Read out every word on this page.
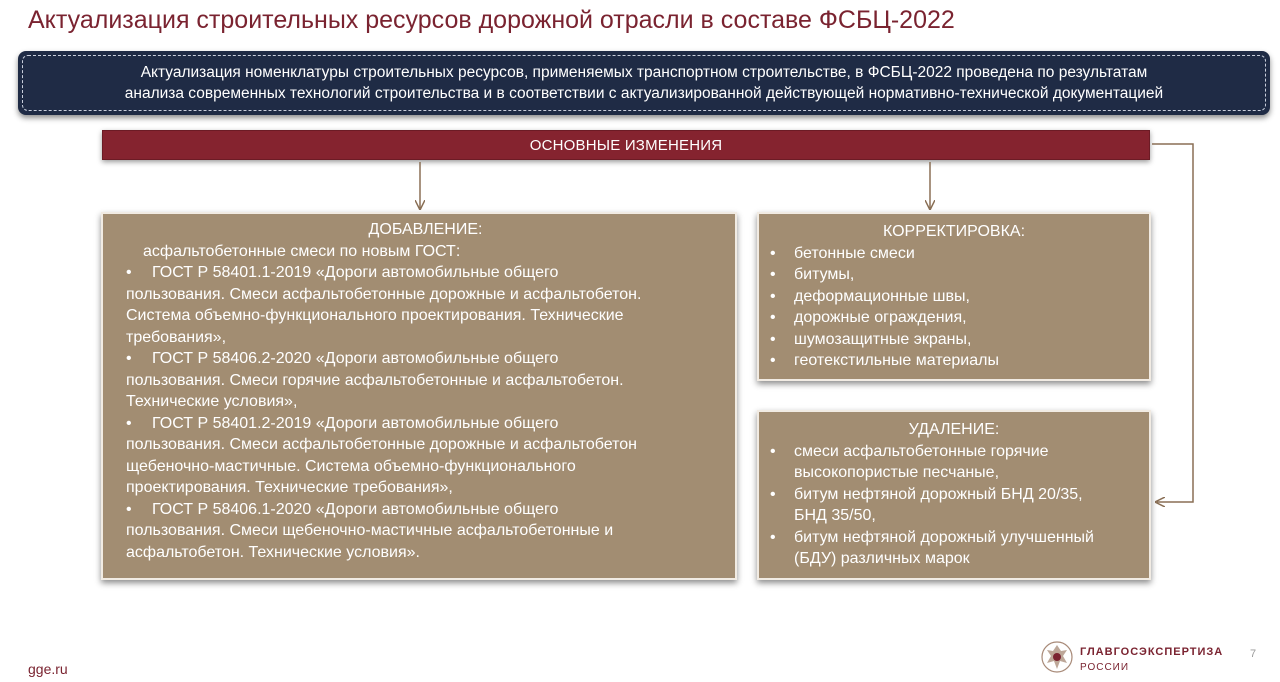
Актуализация строительных ресурсов дорожной отрасли в составе ФСБЦ-2022
Актуализация номенклатуры строительных ресурсов, применяемых транспортном строительстве, в ФСБЦ-2022 проведена по результатам
анализа современных технологий строительства и в соответствии с актуализированной действующей нормативно-технической документацией
ОСНОВНЫЕ ИЗМЕНЕНИЯ
ДОБАВЛЕНИЕ:
асфальтобетонные смеси по новым ГОСТ:
• ГОСТ Р 58401.1-2019 «Дороги автомобильные общего
пользования. Смеси асфальтобетонные дорожные и асфальтобетон.
Система объемно-функционального проектирования. Технические
требования»,
• ГОСТ Р 58406.2-2020 «Дороги автомобильные общего
пользования. Смеси горячие асфальтобетонные и асфальтобетон.
Технические условия»,
• ГОСТ Р 58401.2-2019 «Дороги автомобильные общего
пользования. Смеси асфальтобетонные дорожные и асфальтобетон
щебеночно-мастичные. Система объемно-функционального
проектирования. Технические требования»,
• ГОСТ Р 58406.1-2020 «Дороги автомобильные общего
пользования. Смеси щебеночно-мастичные асфальтобетонные и
асфальтобетон. Технические условия».
КОРРЕКТИРОВКА:
• бетонные смеси
• битумы,
• деформационные швы,
• дорожные ограждения,
• шумозащитные экраны,
• геотекстильные материалы
УДАЛЕНИЕ:
• смеси асфальтобетонные горячие
высокопористые песчаные,
• битум нефтяной дорожный БНД 20/35,
БНД 35/50,
• битум нефтяной дорожный улучшенный
(БДУ) различных марок
gge.ru
ГЛАВГОСЭКСПЕРТИЗА
РОССИИ
7
